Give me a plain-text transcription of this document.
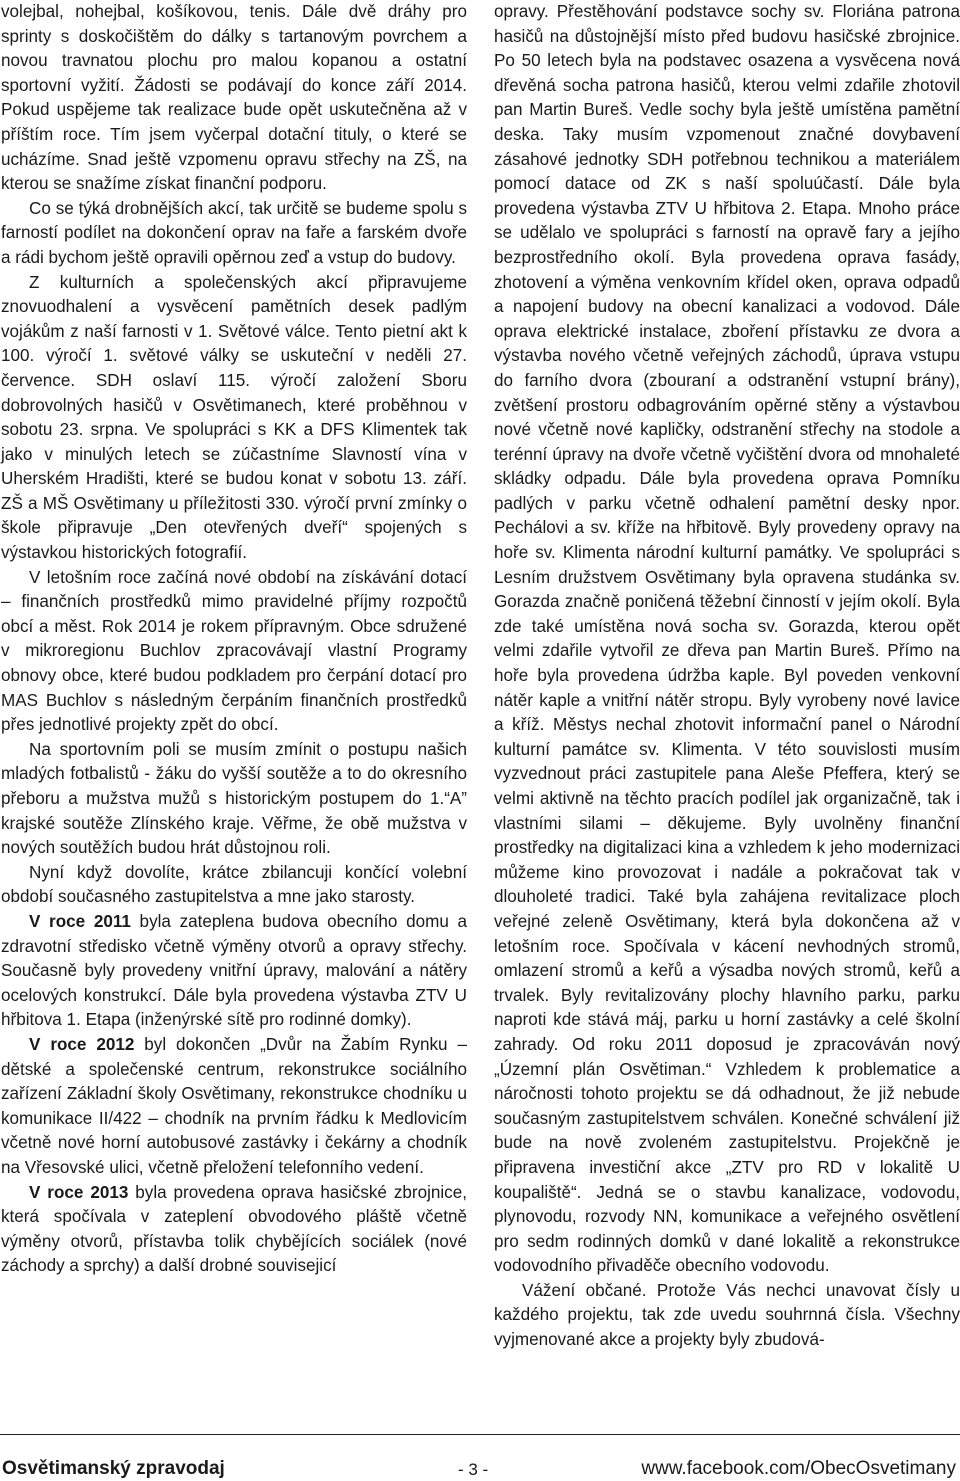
volejbal, nohejbal, košíkovou, tenis. Dále dvě dráhy pro sprinty s doskočištěm do dálky s tartanovým povrchem a novou travnatou plochu pro malou kopanou a ostatní sportovní vyžití. Žádosti se podávají do konce září 2014. Pokud uspějeme tak realizace bude opět uskutečněna až v příštím roce. Tím jsem vyčerpal dotační tituly, o které se ucházíme. Snad ještě vzpomenu opravu střechy na ZŠ, na kterou se snažíme získat finanční podporu.

Co se týká drobnějších akcí, tak určitě se budeme spolu s farností podílet na dokončení oprav na faře a farském dvoře a rádi bychom ještě opravili opěrnou zeď a vstup do budovy.

Z kulturních a společenských akcí připravujeme znovuodhalení a vysvěcení pamětních desek padlým vojákům z naší farnosti v 1. Světové válce. Tento pietní akt k 100. výročí 1. světové války se uskuteční v neděli 27. července. SDH oslaví 115. výročí založení Sboru dobrovolných hasičů v Osvětimanech, které proběhnou v sobotu 23. srpna. Ve spolupráci s KK a DFS Klimentek tak jako v minulých letech se zúčastníme Slavností vína v Uherském Hradišti, které se budou konat v sobotu 13. září. ZŠ a MŠ Osvětimany u příležitosti 330. výročí první zmínky o škole připravuje „Den otevřených dveří“ spojených s výstavkou historických fotografií.

V letošním roce začíná nové období na získávání dotací – finančních prostředků mimo pravidelné příjmy rozpočtů obcí a měst. Rok 2014 je rokem přípravným. Obce sdružené v mikroregionu Buchlov zpracovávají vlastní Programy obnovy obce, které budou podkladem pro čerpání dotací pro MAS Buchlov s následným čerpáním finančních prostředků přes jednotlivé projekty zpět do obcí.

Na sportovním poli se musím zmínit o postupu našich mladých fotbalistů - žáku do vyšší soutěže a to do okresního přeboru a mužstva mužů s historickým postupem do 1.“A” krajské soutěže Zlínského kraje. Věřme, že obě mužstva v nových soutěžích budou hrát důstojnou roli.

Nyní když dovolíte, krátce zbilancuji končící volební období současného zastupitelstva a mne jako starosty.

V roce 2011 byla zateplena budova obecního domu a zdravotní středisko včetně výměny otvorů a opravy střechy. Současně byly provedeny vnitřní úpravy, malování a nátěry ocelových konstrukcí. Dále byla provedena výstavba ZTV U hřbitova 1. Etapa (inženýrské sítě pro rodinné domky).

V roce 2012 byl dokončen „Dvůr na Žabím Rynku – dětské a společenské centrum, rekonstrukce sociálního zařízení Základní školy Osvětimany, rekonstrukce chodníku u komunikace II/422 – chodník na prvním řádku k Medlovicím včetně nové horní autobusové zastávky i čekárny a chodník na Vřesovské ulici, včetně přeložení telefonního vedení.

V roce 2013 byla provedena oprava hasičské zbrojnice, která spočívala v zateplení obvodového pláště včetně výměny otvorů, přístavba tolik chybějících sociálek (nové záchody a sprchy) a další drobné souvisejicí

opravy. Přestěhování podstavce sochy sv. Floriána patrona hasičů na důstojnější místo před budovu hasičské zbrojnice. Po 50 letech byla na podstavec osazena a vysvěcena nová dřevěná socha patrona hasičů, kterou velmi zdařile zhotovil pan Martin Bureš. Vedle sochy byla ještě umístěna pamětní deska. Taky musím vzpomenout značné dovybavení zásahové jednotky SDH potřebnou technikou a materiálem pomocí datace od ZK s naší spoluúčastí. Dále byla provedena výstavba ZTV U hřbitova 2. Etapa. Mnoho práce se udělalo ve spolupráci s farností na opravě fary a jejího bezprostředního okolí. Byla provedena oprava fasády, zhotovení a výměna venkovním křídel oken, oprava odpadů a napojení budovy na obecní kanalizaci a vodovod. Dále oprava elektrické instalace, zboření přístavku ze dvora a výstavba nového včetně veřejných záchodů, úprava vstupu do farního dvora (zbouraní a odstranění vstupní brány), zvětšení prostoru odbagrováním opěrné stěny a výstavbou nové včetně nové kapličky, odstranění střechy na stodole a terénní úpravy na dvoře včetně vyčištění dvora od mnohaleté skládky odpadu. Dále byla provedena oprava Pomníku padlých v parku včetně odhalení pamětní desky npor. Pechálovi a sv. kříže na hřbitově. Byly provedeny opravy na hoře sv. Klimenta národní kulturní památky. Ve spolupráci s Lesním družstvem Osvětimany byla opravena studánka sv. Gorazda značně poničená těžební činností v jejím okolí. Byla zde také umístěna nová socha sv. Gorazda, kterou opět velmi zdařile vytvořil ze dřeva pan Martin Bureš. Přímo na hoře byla provedena údržba kaple. Byl poveden venkovní nátěr kaple a vnitřní nátěr stropu. Byly vyrobeny nové lavice a kříž. Městys nechal zhotovit informační panel o Národní kulturní památce sv. Klimenta. V této souvislosti musím vyzvednout práci zastupitele pana Aleše Pfeffera, který se velmi aktivně na těchto pracích podílel jak organizačně, tak i vlastními silami – děkujeme. Byly uvolněny finanční prostředky na digitalizaci kina a vzhledem k jeho modernizaci můžeme kino provozovat i nadále a pokračovat tak v dlouholeté tradici. Také byla zahájena revitalizace ploch veřejné zeleně Osvětimany, která byla dokončena až v letošním roce. Spočívala v kácení nevhodných stromů, omlazení stromů a keřů a výsadba nových stromů, keřů a trvalek. Byly revitalizovány plochy hlavního parku, parku naproti kde stává máj, parku u horní zastávky a celé školní zahrady. Od roku 2011 doposud je zpracováván nový „Územní plán Osvětiman.“ Vzhledem k problematice a náročnosti tohoto projektu se dá odhadnout, že již nebude současným zastupitelstvem schválen. Konečné schválení již bude na nově zvoleném zastupitelstvu. Projekčně je připravena investiční akce „ZTV pro RD v lokalitě U koupaliště“. Jedná se o stavbu kanalizace, vodovodu, plynovodu, rozvody NN, komunikace a veřejného osvětlení pro sedm rodinných domků v dané lokalitě a rekonstrukce vodovodního přivaděče obecního vodovodu.

Vážení občané. Protože Vás nechci unavovat čísly u každého projektu, tak zde uvedu souhrnná čísla. Všechny vyjmenované akce a projekty byly zbudová-

Osvětimanský zpravodaj	- 3 -	www.facebook.com/ObecOsvetimany
